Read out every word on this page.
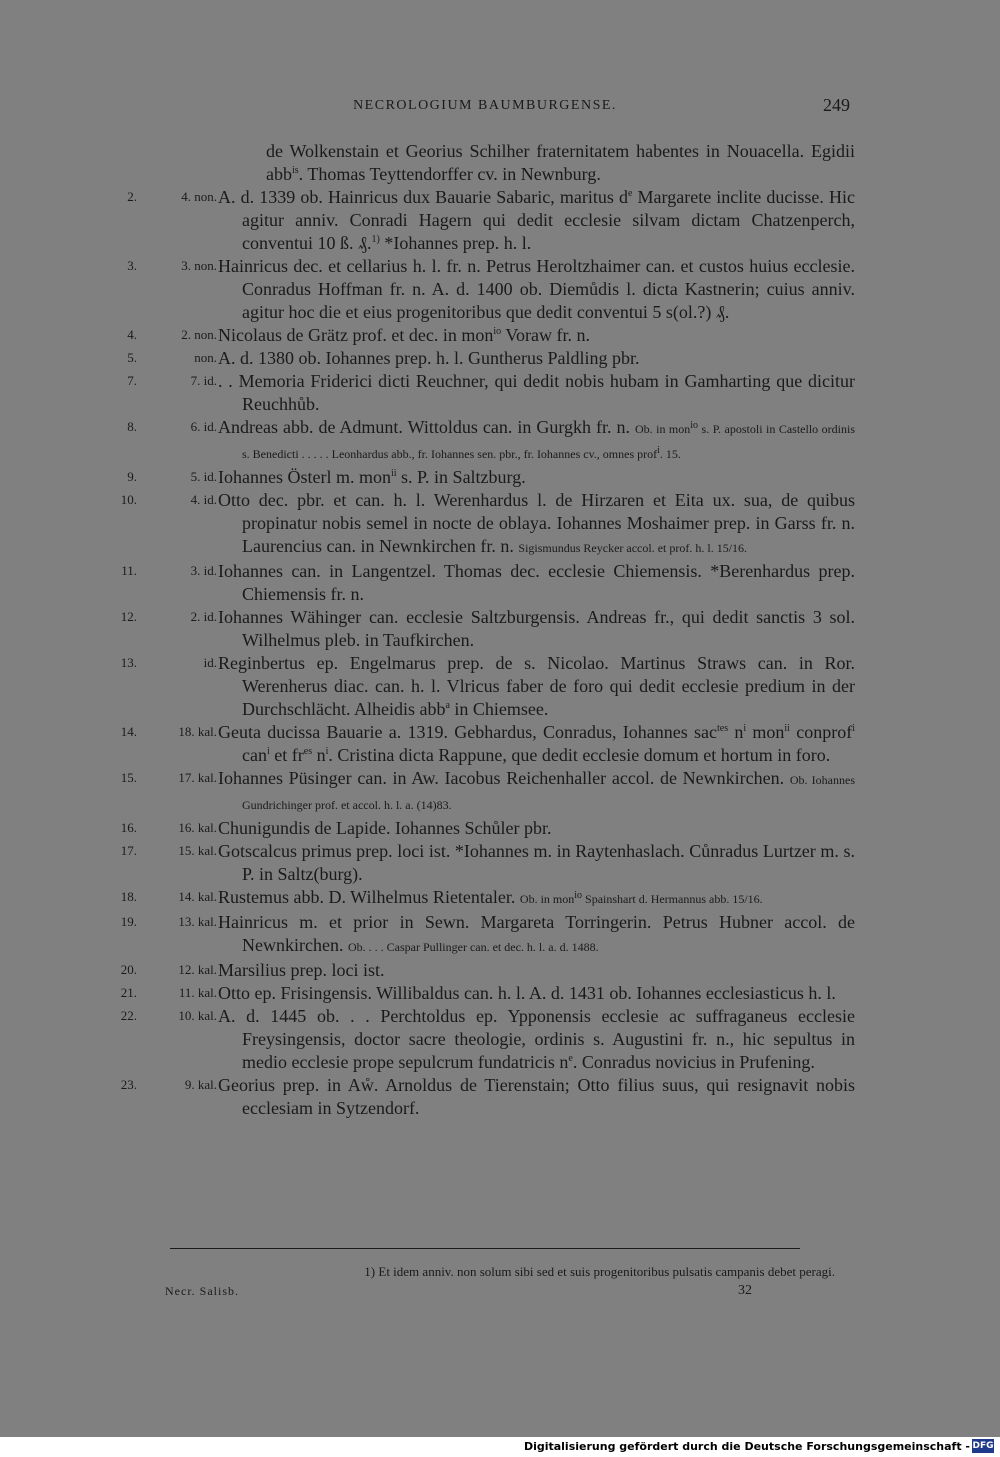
NECROLOGIUM BAUMBURGENSE.	249
de Wolkenstain et Georius Schilher fraternitatem habentes in Nouacella. Egidii abb$^{is}$. Thomas Teyttendorffer cv. in Newnburg.
2.	4. non. A. d. 1339 ob. Hainricus dux Bauarie Sabaric, maritus $d^e$ Margarete inclite ducisse. Hic agitur anniv. Conradi Hagern qui dedit ecclesie silvam dictam Chatzenperch, conventui 10 ß. ₰.$^{1)}$ *Iohannes prep. h. l.
3.	3. non. Hainricus dec. et cellarius h. l. fr. n. Petrus Heroltzhaimer can. et custos huius ecclesie. Conradus Hoffman fr. n. A. d. 1400 ob. Diemůdis l. dicta Kastnerin; cuius anniv. agitur hoc die et eius progenitoribus que dedit conventui 5 s(ol.?) ₰.
4.	2. non. Nicolaus de Grätz prof. et dec. in mon$^{io}$ Voraw fr. n.
5.	non. A. d. 1380 ob. Iohannes prep. h. l. Guntherus Paldling pbr.
7.	7. id. . . Memoria Friderici dicti Reuchner, qui dedit nobis hubam in Gamharting que dicitur Reuchhůb.
8.	6. id. Andreas abb. de Admunt. Wittoldus can. in Gurgkh fr. n. Ob. in mon$^{io}$ s. P. apostoli in Castello ordinis s. Benedicti . . . . . Leonhardus abb., fr. Iohannes sen. pbr., fr. Iohannes cv., omnes prof$^i$. 15.
9.	5. id. Iohannes Österl m. mon$^{ii}$ s. P. in Saltzburg.
10.	4. id. Otto dec. pbr. et can. h. l. Werenhardus l. de Hirzaren et Eita ux. sua, de quibus propinatur nobis semel in nocte de oblaya. Iohannes Moshaimer prep. in Garss fr. n. Laurencius can. in Newnkirchen fr. n. Sigismundus Reycker accol. et prof. h. l. 15/16.
11.	3. id. Iohannes can. in Langentzel. Thomas dec. ecclesie Chiemensis. *Berenhardus prep. Chiemensis fr. n.
12.	2. id. Iohannes Wähinger can. ecclesie Saltzburgensis. Andreas fr., qui dedit sanctis 3 sol. Wilhelmus pleb. in Taufkirchen.
13.	id. Reginbertus ep. Engelmarus prep. de s. Nicolao. Martinus Straws can. in Ror. Werenherus diac. can. h. l. Vlricus faber de foro qui dedit ecclesie predium in der Durchschlächt. Alheidis abb$^a$ in Chiemsee.
14.	18. kal. Geuta ducissa Bauarie a. 1319. Gebhardus, Conradus, Iohannes sac$^{tes}$ $n^i$ mon$^{ii}$ conprof$^i$ can$^i$ et $fr^{es}$ $n^i$. Cristina dicta Rappune, que dedit ecclesie domum et hortum in foro.
15.	17. kal. Iohannes Püsinger can. in Aw. Iacobus Reichenhaller accol. de Newnkirchen. Ob. Iohannes Gundrichinger prof. et accol. h. l. a. (14)83.
16.	16. kal. Chunigundis de Lapide. Iohannes Schůler pbr.
17.	15. kal. Gotscalcus primus prep. loci ist. *Iohannes m. in Raytenhaslach. Cůnradus Lurtzer m. s. P. in Saltz(burg).
18.	14. kal. Rustemus abb. D. Wilhelmus Rietentaler. Ob. in mon$^{io}$ Spainshart d. Hermannus abb. 15/16.
19.	13. kal. Hainricus m. et prior in Sewn. Margareta Torringerin. Petrus Hubner accol. de Newnkirchen. Ob. . . . Caspar Pullinger can. et dec. h. l. a. d. 1488.
20.	12. kal. Marsilius prep. loci ist.
21.	11. kal. Otto ep. Frisingensis. Willibaldus can. h. l. A. d. 1431 ob. Iohannes ecclesiasticus h. l.
22.	10. kal. A. d. 1445 ob. . . Perchtoldus ep. Ypponensis ecclesie ac suffraganeus ecclesie Freysingensis, doctor sacre theologie, ordinis s. Augustini fr. n., hic sepultus in medio ecclesie prope sepulcrum fundatricis $n^e$. Conradus novicius in Prufening.
23.	9. kal. Georius prep. in Aẘ. Arnoldus de Tierenstain; Otto filius suus, qui resignavit nobis ecclesiam in Sytzendorf.
1) Et idem anniv. non solum sibi sed et suis progenitoribus pulsatis campanis debet peragi.
Necr. Salisb.	32
Digitalisierung gefördert durch die Deutsche Forschungsgemeinschaft - DFG
